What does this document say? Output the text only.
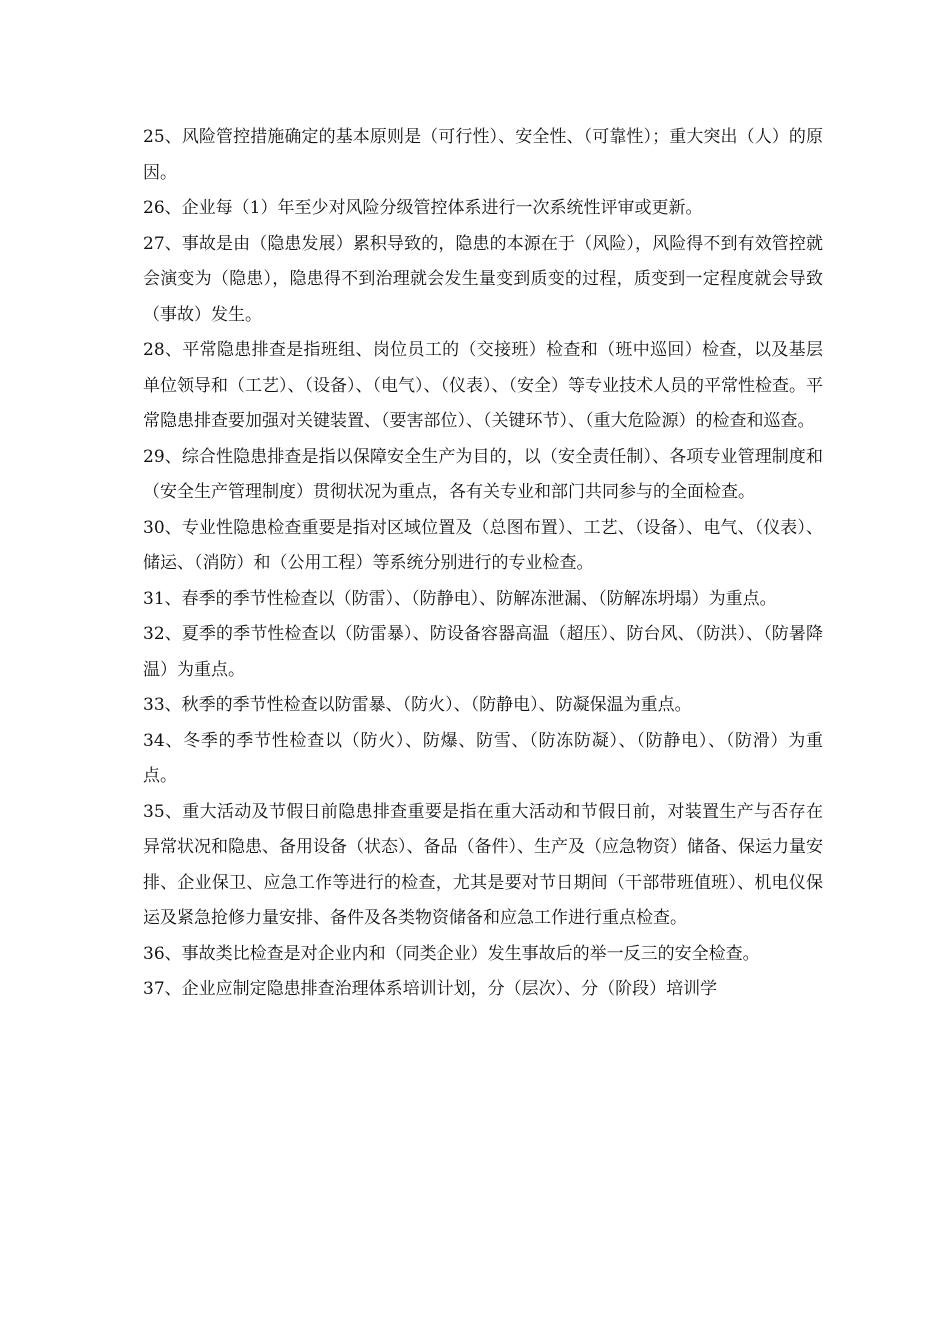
25、风险管控措施确定的基本原则是（可行性）、安全性、（可靠性）；重大突出（人）的原因。

26、企业每（1）年至少对风险分级管控体系进行一次系统性评审或更新。

27、事故是由（隐患发展）累积导致的，隐患的本源在于（风险），风险得不到有效管控就会演变为（隐患），隐患得不到治理就会发生量变到质变的过程，质变到一定程度就会导致（事故）发生。

28、平常隐患排查是指班组、岗位员工的（交接班）检查和（班中巡回）检查，以及基层单位领导和（工艺）、（设备）、（电气）、（仪表）、（安全）等专业技术人员的平常性检查。平常隐患排查要加强对关键装置、（要害部位）、（关键环节）、（重大危险源）的检查和巡查。

29、综合性隐患排查是指以保障安全生产为目的，以（安全责任制）、各项专业管理制度和（安全生产管理制度）贯彻状况为重点，各有关专业和部门共同参与的全面检查。

30、专业性隐患检查重要是指对区域位置及（总图布置）、工艺、（设备）、电气、（仪表）、储运、（消防）和（公用工程）等系统分别进行的专业检查。

31、春季的季节性检查以（防雷）、（防静电）、防解冻泄漏、（防解冻坍塌）为重点。

32、夏季的季节性检查以（防雷暴）、防设备容器高温（超压）、防台风、（防洪）、（防暑降温）为重点。

33、秋季的季节性检查以防雷暴、（防火）、（防静电）、防凝保温为重点。

34、冬季的季节性检查以（防火）、防爆、防雪、（防冻防凝）、（防静电）、（防滑）为重点。

35、重大活动及节假日前隐患排查重要是指在重大活动和节假日前，对装置生产与否存在异常状况和隐患、备用设备（状态）、备品（备件）、生产及（应急物资）储备、保运力量安排、企业保卫、应急工作等进行的检查，尤其是要对节日期间（干部带班值班）、机电仪保运及紧急抢修力量安排、备件及各类物资储备和应急工作进行重点检查。

36、事故类比检查是对企业内和（同类企业）发生事故后的举一反三的安全检查。

37、企业应制定隐患排查治理体系培训计划，分（层次）、分（阶段）培训学
